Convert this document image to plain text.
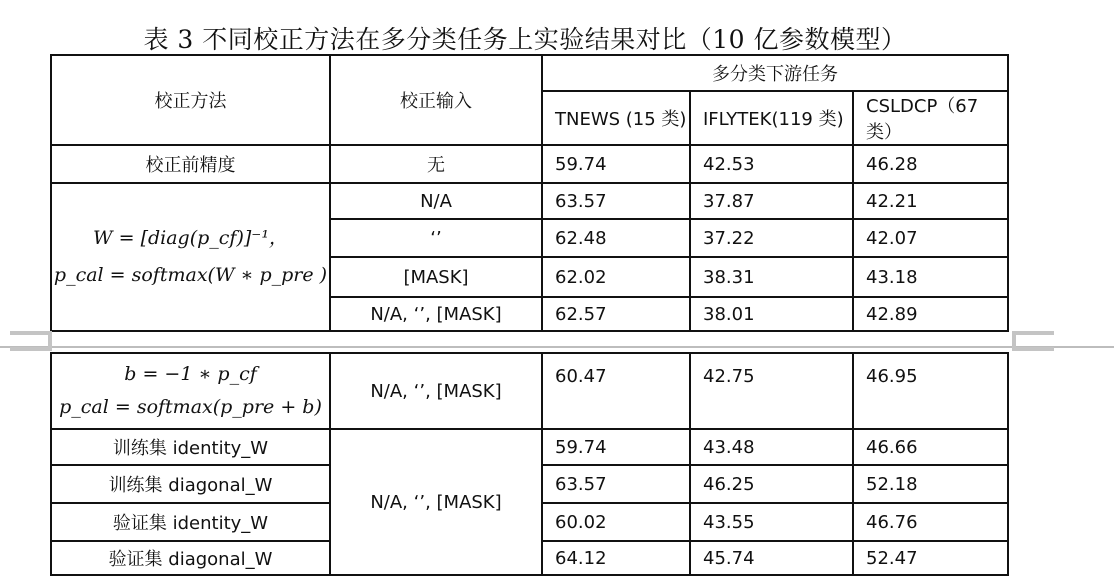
表 3 不同校正方法在多分类任务上实验结果对比（10 亿参数模型）
校正方法	校正输入	多分类下游任务		
		TNEWS (15 类)	IFLYTEK(119 类)	CSLDCP（67 类）
校正前精度	无	59.74	42.53	46.28

W = [diag(p_cf)]⁻¹，
p_cal = softmax(W ∗ p_pre )	N/A	63.57	37.87	42.21
	‘’	62.48	37.22	42.07
	[MASK]	62.02	38.31	43.18
	N/A, ‘’, [MASK]	62.57	38.01	42.89
b = −1 ∗ p_cf
p_cal = softmax(p_pre + b)	N/A, ‘’, [MASK]	60.47	42.75	46.95
训练集 identity_W	N/A, ‘’, [MASK]	59.74	43.48	46.66
训练集 diagonal_W		63.57	46.25	52.18
验证集 identity_W		60.02	43.55	46.76
验证集 diagonal_W		64.12	45.74	52.47
